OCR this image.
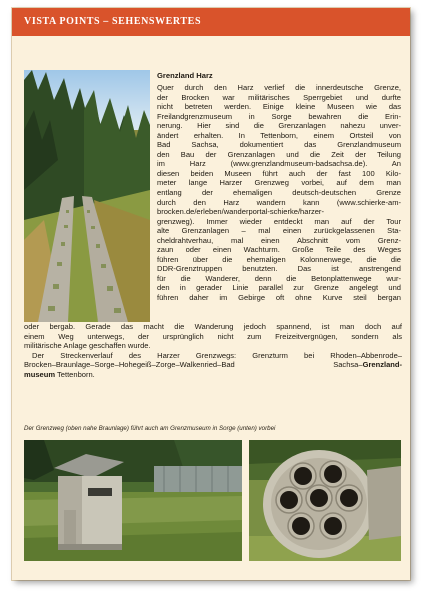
VISTA POINTS – SEHENSWERTES
Grenzland Harz
Quer durch den Harz verlief die innerdeutsche Grenze,
der Brocken war militärisches Sperrgebiet und durfte
nicht betreten werden. Einige kleine Museen wie das
Freilandgrenzmuseum in Sorge bewahren die Erin-
nerung. Hier sind die Grenzanlagen nahezu unver-
ändert erhalten. In Tettenborn, einem Ortsteil von
Bad Sachsa, dokumentiert das Grenzlandmuseum
den Bau der Grenzanlagen und die Zeit der Teilung
im Harz (www.grenzlandmuseum-badsachsa.de). An
diesen beiden Museen führt auch der fast 100 Kilo-
meter lange Harzer Grenzweg vorbei, auf dem man
entlang der ehemaligen deutsch-deutschen Grenze
durch den Harz wandern kann (www.schierke-am-
brocken.de/erleben/wanderportal-schierke/harzer-
grenzweg). Immer wieder entdeckt man auf der Tour
alte Grenzanlagen – mal einen zurückgelassenen Sta-
cheldrahtverhau, mal einen Abschnitt vom Grenz-
zaun oder einen Wachturm. Große Teile des Weges
führen über die ehemaligen Kolonnenwege, die die
DDR-Grenztruppen benutzten. Das ist anstrengend
für die Wanderer, denn die Betonplattenwege wur-
den in gerader Linie parallel zur Grenze angelegt und
führen daher im Gebirge oft ohne Kurve steil bergan
oder bergab. Gerade das macht die Wanderung jedoch spannend, ist man doch auf
einem Weg unterwegs, der ursprünglich nicht zum Freizeitvergnügen, sondern als
militärische Anlage geschaffen wurde.
Der Streckenverlauf des Harzer Grenzwegs: Grenzturm bei Rhoden–Abbenrode–
Brocken–Braunlage–Sorge–Hohegeiß–Zorge–Walkenried–Bad Sachsa–Grenzland-
museum Tettenborn.
Der Grenzweg (oben nahe Braunlage) führt auch am Grenzmuseum in Sorge (unten) vorbei
